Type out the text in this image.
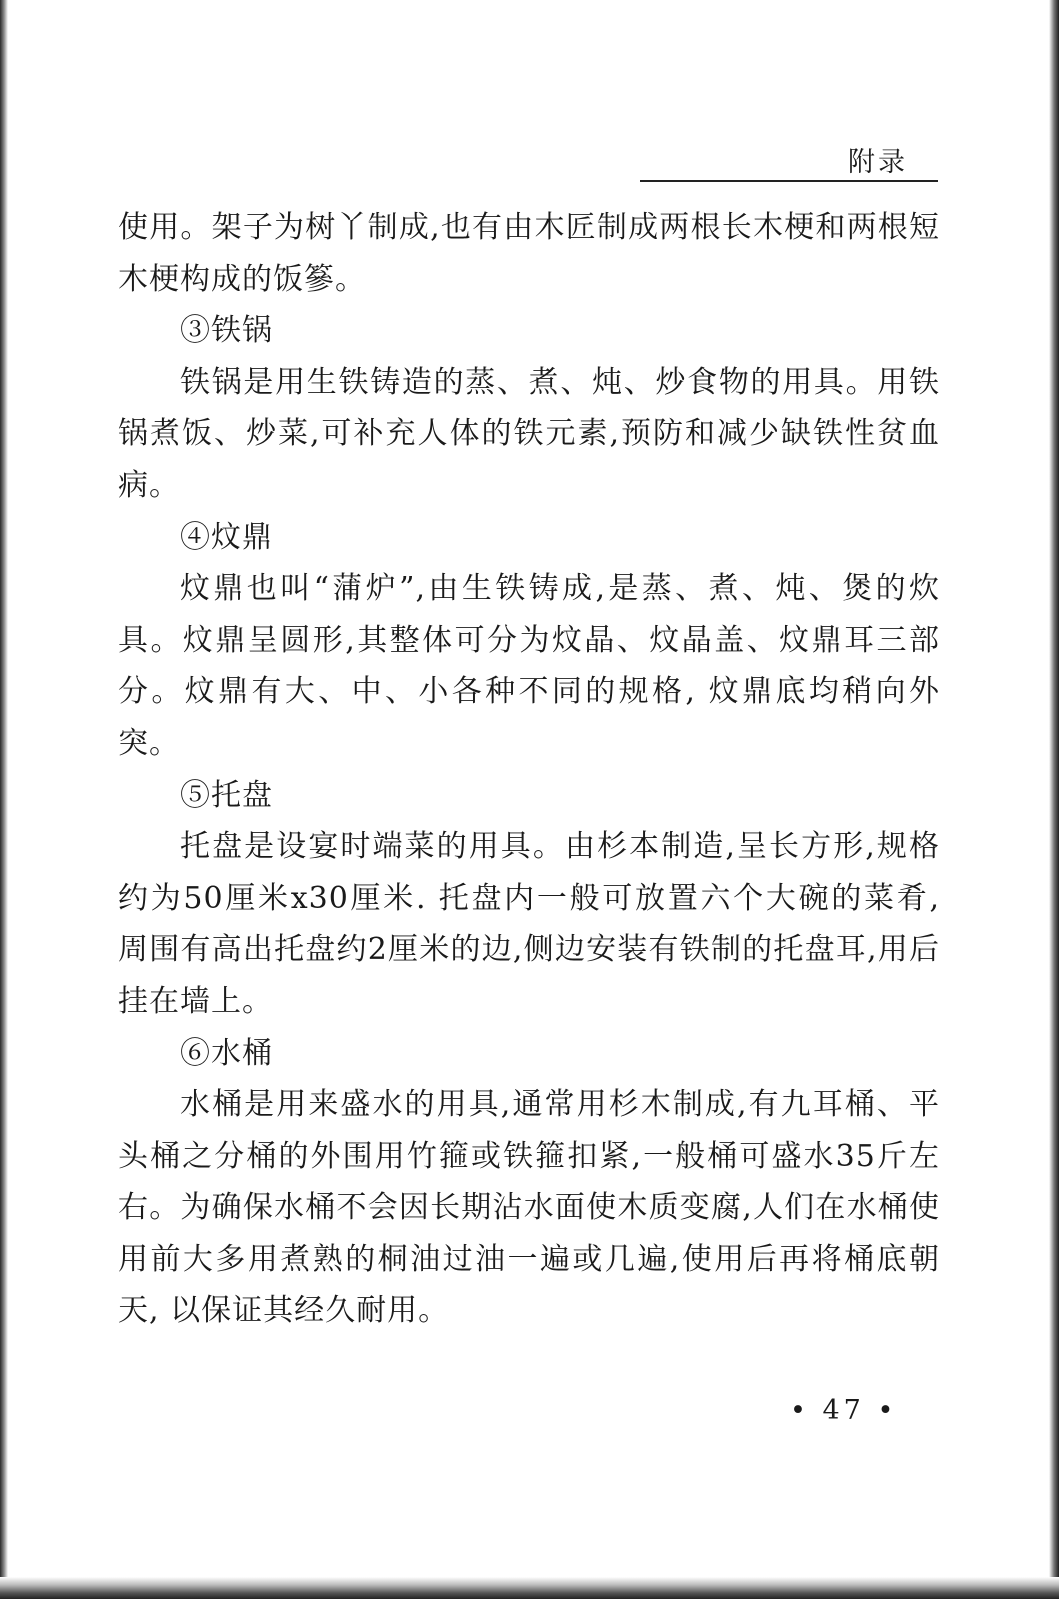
附录

使用。架子为树丫制成,也有由木匠制成两根长木梗和两根短木梗构成的饭篸。

③铁锅

铁锅是用生铁铸造的蒸、煮、炖、炒食物的用具。用铁锅煮饭、炒菜,可补充人体的铁元素,预防和减少缺铁性贫血病。

④炆鼎

炆鼎也叫“蒲炉”,由生铁铸成,是蒸、煮、炖、煲的炊具。炆鼎呈圆形,其整体可分为炆晶、炆晶盖、炆鼎耳三部分。炆鼎有大、中、小各种不同的规格, 炆鼎底均稍向外突。

⑤托盘

托盘是设宴时端菜的用具。由杉本制造,呈长方形,规格约为50厘米x30厘米. 托盘内一般可放置六个大碗的菜肴, 周围有高出托盘约2厘米的边,侧边安装有铁制的托盘耳,用后挂在墙上。

⑥水桶

水桶是用来盛水的用具,通常用杉木制成,有九耳桶、平头桶之分桶的外围用竹箍或铁箍扣紧,一般桶可盛水35斤左右。为确保水桶不会因长期沾水面使木质变腐,人们在水桶使用前大多用煮熟的桐油过油一遍或几遍,使用后再将桶底朝天, 以保证其经久耐用。

• 47 •
